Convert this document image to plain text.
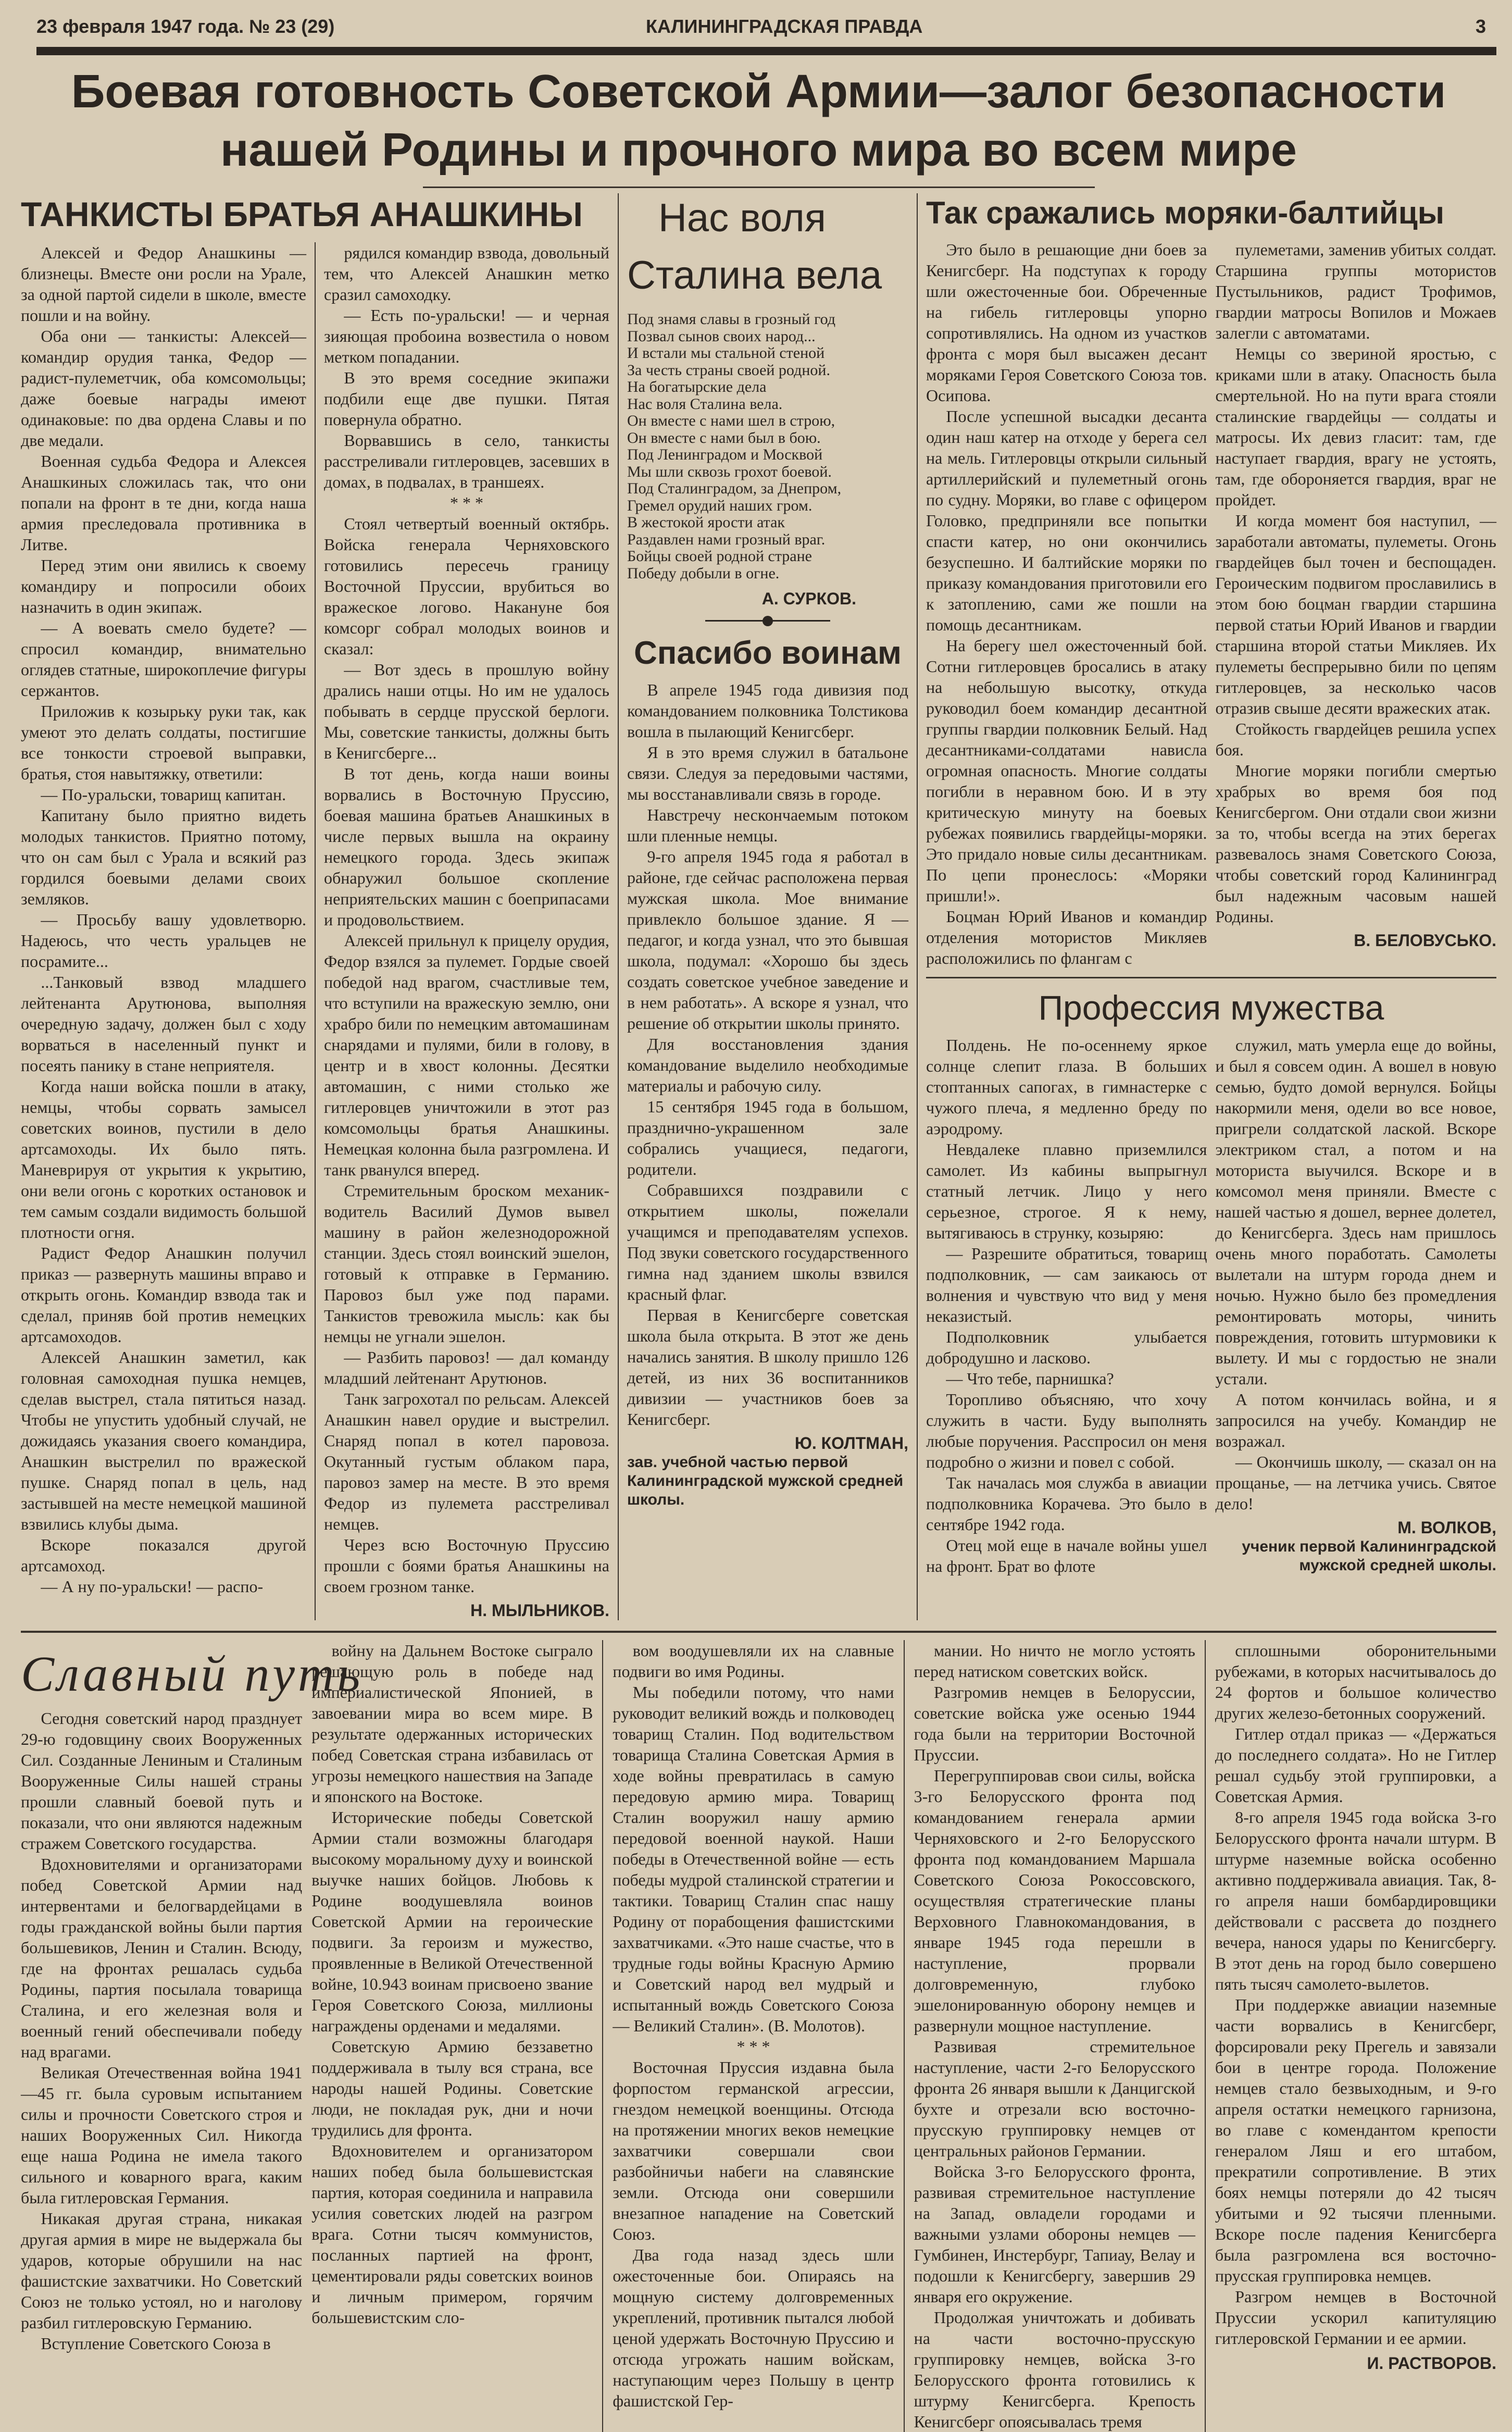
23 февраля 1947 года. № 23 (29)	КАЛИНИНГРАДСКАЯ ПРАВДА	3
Боевая готовность Советской Армии—залог безопасности
нашей Родины и прочного мира во всем мире
ТАНКИСТЫ БРАТЬЯ АНАШКИНЫ

Алексей и Федор Анашкины — близнецы. Вместе они росли на Урале, за одной партой сидели в школе, вместе пошли и на войну.

Оба они — танкисты: Алексей— командир орудия танка, Федор — радист-пулеметчик, оба комсомольцы; даже боевые награды имеют одинаковые: по два ордена Славы и по две медали.

Военная судьба Федора и Алексея Анашкиных сложилась так, что они попали на фронт в те дни, когда наша армия преследовала противника в Литве.

Перед этим они явились к своему командиру и попросили обоих назначить в один экипаж.

— А воевать смело будете? — спросил командир, внимательно оглядев статные, широкоплечие фигуры сержантов.

Приложив к козырьку руки так, как умеют это делать солдаты, постигшие все тонкости строевой выправки, братья, стоя навытяжку, ответили:

— По-уральски, товарищ капитан.

Капитану было приятно видеть молодых танкистов. Приятно потому, что он сам был с Урала и всякий раз гордился боевыми делами своих земляков.

— Просьбу вашу удовлетворю. Надеюсь, что честь уральцев не посрамите...

...Танковый взвод младшего лейтенанта Арутюнова, выполняя очередную задачу, должен был с ходу ворваться в населенный пункт и посеять панику в стане неприятеля.

Когда наши войска пошли в атаку, немцы, чтобы сорвать замысел советских воинов, пустили в дело артсамоходы. Их было пять. Маневрируя от укрытия к укрытию, они вели огонь с коротких остановок и тем самым создали видимость большой плотности огня.

Радист Федор Анашкин получил приказ — развернуть машины вправо и открыть огонь. Командир взвода так и сделал, приняв бой против немецких артсамоходов.

Алексей Анашкин заметил, как головная самоходная пушка немцев, сделав выстрел, стала пятиться назад. Чтобы не упустить удобный случай, не дожидаясь указания своего командира, Анашкин выстрелил по вражеской пушке. Снаряд попал в цель, над застывшей на месте немецкой машиной взвились клубы дыма.

Вскоре показался другой артсамоход.

— А ну по-уральски! — распо-

рядился командир взвода, довольный тем, что Алексей Анашкин метко сразил самоходку.

— Есть по-уральски! — и черная зияющая пробоина возвестила о новом метком попадании.

В это время соседние экипажи подбили еще две пушки. Пятая повернула обратно.

Ворвавшись в село, танкисты расстреливали гитлеровцев, засевших в домах, в подвалах, в траншеях.

* * *

Стоял четвертый военный октябрь. Войска генерала Черняховского готовились пересечь границу Восточной Пруссии, врубиться во вражеское логово. Накануне боя комсорг собрал молодых воинов и сказал:

— Вот здесь в прошлую войну дрались наши отцы. Но им не удалось побывать в сердце прусской берлоги. Мы, советские танкисты, должны быть в Кенигсберге...

В тот день, когда наши воины ворвались в Восточную Пруссию, боевая машина братьев Анашкиных в числе первых вышла на окраину немецкого города. Здесь экипаж обнаружил большое скопление неприятельских машин с боеприпасами и продовольствием.

Алексей прильнул к прицелу орудия, Федор взялся за пулемет. Гордые своей победой над врагом, счастливые тем, что вступили на вражескую землю, они храбро били по немецким автомашинам снарядами и пулями, били в голову, в центр и в хвост колонны. Десятки автомашин, с ними столько же гитлеровцев уничтожили в этот раз комсомольцы братья Анашкины. Немецкая колонна была разгромлена. И танк рванулся вперед.

Стремительным броском механик-водитель Василий Думов вывел машину в район железнодорожной станции. Здесь стоял воинский эшелон, готовый к отправке в Германию. Паровоз был уже под парами. Танкистов тревожила мысль: как бы немцы не угнали эшелон.

— Разбить паровоз! — дал команду младший лейтенант Арутюнов.

Танк загрохотал по рельсам. Алексей Анашкин навел орудие и выстрелил. Снаряд попал в котел паровоза. Окутанный густым облаком пара, паровоз замер на месте. В это время Федор из пулемета расстреливал немцев.

Через всю Восточную Пруссию прошли с боями братья Анашкины на своем грозном танке.

Н. МЫЛЬНИКОВ.
Нас воля
Сталина вела
Под знамя славы в грозный год
Позвал сынов своих народ...
И встали мы стальной стеной
За честь страны своей родной.
На богатырские дела
Нас воля Сталина вела.
Он вместе с нами шел в строю,
Он вместе с нами был в бою.
Под Ленинградом и Москвой
Мы шли сквозь грохот боевой.
Под Сталинградом, за Днепром,
Гремел орудий наших гром.
В жестокой ярости атак
Раздавлен нами грозный враг.
Бойцы своей родной стране
Победу добыли в огне.
А. СУРКОВ.
Спасибо воинам

В апреле 1945 года дивизия под командованием полковника Толстикова вошла в пылающий Кенигсберг.

Я в это время служил в батальоне связи. Следуя за передовыми частями, мы восстанавливали связь в городе.

Навстречу нескончаемым потоком шли пленные немцы.

9-го апреля 1945 года я работал в районе, где сейчас расположена первая мужская школа. Мое внимание привлекло большое здание. Я — педагог, и когда узнал, что это бывшая школа, подумал: «Хорошо бы здесь создать советское учебное заведение и в нем работать». А вскоре я узнал, что решение об открытии школы принято.

Для восстановления здания командование выделило необходимые материалы и рабочую силу.

15 сентября 1945 года в большом, празднично-украшенном зале собрались учащиеся, педагоги, родители.

Собравшихся поздравили с открытием школы, пожелали учащимся и преподавателям успехов. Под звуки советского государственного гимна над зданием школы взвился красный флаг.

Первая в Кенигсберге советская школа была открыта. В этот же день начались занятия. В школу пришло 126 детей, из них 36 воспитанников дивизии — участников боев за Кенигсберг.

Ю. КОЛТМАН,
зав. учебной частью первой Калининградской мужской средней школы.
Так сражались моряки-балтийцы

Это было в решающие дни боев за Кенигсберг. На подступах к городу шли ожесточенные бои. Обреченные на гибель гитлеровцы упорно сопротивлялись. На одном из участков фронта с моря был высажен десант моряками Героя Советского Союза тов. Осипова.

После успешной высадки десанта один наш катер на отходе у берега сел на мель. Гитлеровцы открыли сильный артиллерийский и пулеметный огонь по судну. Моряки, во главе с офицером Головко, предприняли все попытки спасти катер, но они окончились безуспешно. И балтийские моряки по приказу командования приготовили его к затоплению, сами же пошли на помощь десантникам.

На берегу шел ожесточенный бой. Сотни гитлеровцев бросались в атаку на небольшую высотку, откуда руководил боем командир десантной группы гвардии полковник Белый. Над десантниками-солдатами нависла огромная опасность. Многие солдаты погибли в неравном бою. И в эту критическую минуту на боевых рубежах появились гвардейцы-моряки. Это придало новые силы десантникам. По цепи пронеслось: «Моряки пришли!».

Боцман Юрий Иванов и командир отделения мотористов Микляев расположились по флангам с

пулеметами, заменив убитых солдат. Старшина группы мотористов Пустыльников, радист Трофимов, гвардии матросы Вопилов и Можаев залегли с автоматами.

Немцы со звериной яростью, с криками шли в атаку. Опасность была смертельной. Но на пути врага стояли сталинские гвардейцы — солдаты и матросы. Их девиз гласит: там, где наступает гвардия, врагу не устоять, там, где обороняется гвардия, враг не пройдет.

И когда момент боя наступил, — заработали автоматы, пулеметы. Огонь гвардейцев был точен и беспощаден. Героическим подвигом прославились в этом бою боцман гвардии старшина первой статьи Юрий Иванов и гвардии старшина второй статьи Микляев. Их пулеметы беспрерывно били по цепям гитлеровцев, за несколько часов отразив свыше десяти вражеских атак.

Стойкость гвардейцев решила успех боя.

Многие моряки погибли смертью храбрых во время боя под Кенигсбергом. Они отдали свои жизни за то, чтобы всегда на этих берегах развевалось знамя Советского Союза, чтобы советский город Калининград был надежным часовым нашей Родины.

В. БЕЛОВУСЬКО.
Профессия мужества

Полдень. Не по-осеннему яркое солнце слепит глаза. В больших стоптанных сапогах, в гимнастерке с чужого плеча, я медленно бреду по аэродрому.

Невдалеке плавно приземлился самолет. Из кабины выпрыгнул статный летчик. Лицо у него серьезное, строгое. Я к нему, вытягиваюсь в струнку, козыряю:

— Разрешите обратиться, товарищ подполковник, — сам заикаюсь от волнения и чувствую что вид у меня неказистый.

Подполковник улыбается добродушно и ласково.

— Что тебе, парнишка?

Торопливо объясняю, что хочу служить в части. Буду выполнять любые поручения. Расспросил он меня подробно о жизни и повел с собой.

Так началась моя служба в авиации подполковника Корачева. Это было в сентябре 1942 года.

Отец мой еще в начале войны ушел на фронт. Брат во флоте

служил, мать умерла еще до войны, и был я совсем один. А вошел в новую семью, будто домой вернулся. Бойцы накормили меня, одели во все новое, пригрели солдатской лаской. Вскоре электриком стал, а потом и на моториста выучился. Вскоре и в комсомол меня приняли. Вместе с нашей частью я дошел, вернее долетел, до Кенигсберга. Здесь нам пришлось очень много поработать. Самолеты вылетали на штурм города днем и ночью. Нужно было без промедления ремонтировать моторы, чинить повреждения, готовить штурмовики к вылету. И мы с гордостью не знали устали.

А потом кончилась война, и я запросился на учебу. Командир не возражал.

— Окончишь школу, — сказал он на прощанье, — на летчика учись. Святое дело!

М. ВОЛКОВ,
ученик первой Калининградской мужской средней школы.
Славный путь

Сегодня советский народ празднует 29-ю годовщину своих Вооруженных Сил. Созданные Лениным и Сталиным Вооруженные Силы нашей страны прошли славный боевой путь и показали, что они являются надежным стражем Советского государства.

Вдохновителями и организаторами побед Советской Армии над интервентами и белогвардейцами в годы гражданской войны были партия большевиков, Ленин и Сталин. Всюду, где на фронтах решалась судьба Родины, партия посылала товарища Сталина, и его железная воля и военный гений обеспечивали победу над врагами.

Великая Отечественная война 1941—45 гг. была суровым испытанием силы и прочности Советского строя и наших Вооруженных Сил. Никогда еще наша Родина не имела такого сильного и коварного врага, каким была гитлеровская Германия.

Никакая другая страна, никакая другая армия в мире не выдержала бы ударов, которые обрушили на нас фашистские захватчики. Но Советский Союз не только устоял, но и наголову разбил гитлеровскую Германию.

Вступление Советского Союза в

войну на Дальнем Востоке сыграло решающую роль в победе над империалистической Японией, в завоевании мира во всем мире. В результате одержанных исторических побед Советская страна избавилась от угрозы немецкого нашествия на Западе и японского на Востоке.

Исторические победы Советской Армии стали возможны благодаря высокому моральному духу и воинской выучке наших бойцов. Любовь к Родине воодушевляла воинов Советской Армии на героические подвиги. За героизм и мужество, проявленные в Великой Отечественной войне, 10.943 воинам присвоено звание Героя Советского Союза, миллионы награждены орденами и медалями.

Советскую Армию беззаветно поддерживала в тылу вся страна, все народы нашей Родины. Советские люди, не покладая рук, дни и ночи трудились для фронта.

Вдохновителем и организатором наших побед была большевистская партия, которая соединила и направила усилия советских людей на разгром врага. Сотни тысяч коммунистов, посланных партией на фронт, цементировали ряды советских воинов и личным примером, горячим большевистским сло-

вом воодушевляли их на славные подвиги во имя Родины.

Мы победили потому, что нами руководит великий вождь и полководец товарищ Сталин. Под водительством товарища Сталина Советская Армия в ходе войны превратилась в самую передовую армию мира. Товарищ Сталин вооружил нашу армию передовой военной наукой. Наши победы в Отечественной войне — есть победы мудрой сталинской стратегии и тактики. Товарищ Сталин спас нашу Родину от порабощения фашистскими захватчиками. «Это наше счастье, что в трудные годы войны Красную Армию и Советский народ вел мудрый и испытанный вождь Советского Союза — Великий Сталин». (В. Молотов).

* * *

Восточная Пруссия издавна была форпостом германской агрессии, гнездом немецкой военщины. Отсюда на протяжении многих веков немецкие захватчики совершали свои разбойничьи набеги на славянские земли. Отсюда они совершили внезапное нападение на Советский Союз.

Два года назад здесь шли ожесточенные бои. Опираясь на мощную систему долговременных укреплений, противник пытался любой ценой удержать Восточную Пруссию и отсюда угрожать нашим войскам, наступающим через Польшу в центр фашистской Гер-

мании. Но ничто не могло устоять перед натиском советских войск.

Разгромив немцев в Белоруссии, советские войска уже осенью 1944 года были на территории Восточной Пруссии.

Перегруппировав свои силы, войска 3-го Белорусского фронта под командованием генерала армии Черняховского и 2-го Белорусского фронта под командованием Маршала Советского Союза Рокоссовского, осуществляя стратегические планы Верховного Главнокомандования, в январе 1945 года перешли в наступление, прорвали долговременную, глубоко эшелонированную оборону немцев и развернули мощное наступление.

Развивая стремительное наступление, части 2-го Белорусского фронта 26 января вышли к Данцигской бухте и отрезали всю восточно-прусскую группировку немцев от центральных районов Германии.

Войска 3-го Белорусского фронта, развивая стремительное наступление на Запад, овладели городами и важными узлами обороны немцев —Гумбинен, Инстербург, Тапиау, Велау и подошли к Кенигсбергу, завершив 29 января его окружение.

Продолжая уничтожать и добивать на части восточно-прусскую группировку немцев, войска 3-го Белорусского фронта готовились к штурму Кенигсберга. Крепость Кенигсберг опоясывалась тремя

сплошными оборонительными рубежами, в которых насчитывалось до 24 фортов и большое количество других железо-бетонных сооружений.

Гитлер отдал приказ — «Держаться до последнего солдата». Но не Гитлер решал судьбу этой группировки, а Советская Армия.

8-го апреля 1945 года войска 3-го Белорусского фронта начали штурм. В штурме наземные войска особенно активно поддерживала авиация. Так, 8-го апреля наши бомбардировщики действовали с рассвета до позднего вечера, нанося удары по Кенигсбергу. В этот день на город было совершено пять тысяч самолето-вылетов.

При поддержке авиации наземные части ворвались в Кенигсберг, форсировали реку Прегель и завязали бои в центре города. Положение немцев стало безвыходным, и 9-го апреля остатки немецкого гарнизона, во главе с комендантом крепости генералом Ляш и его штабом, прекратили сопротивление. В этих боях немцы потеряли до 42 тысяч убитыми и 92 тысячи пленными. Вскоре после падения Кенигсберга была разгромлена вся восточно-прусская группировка немцев.

Разгром немцев в Восточной Пруссии ускорил капитуляцию гитлеровской Германии и ее армии.

И. РАСТВОРОВ.
